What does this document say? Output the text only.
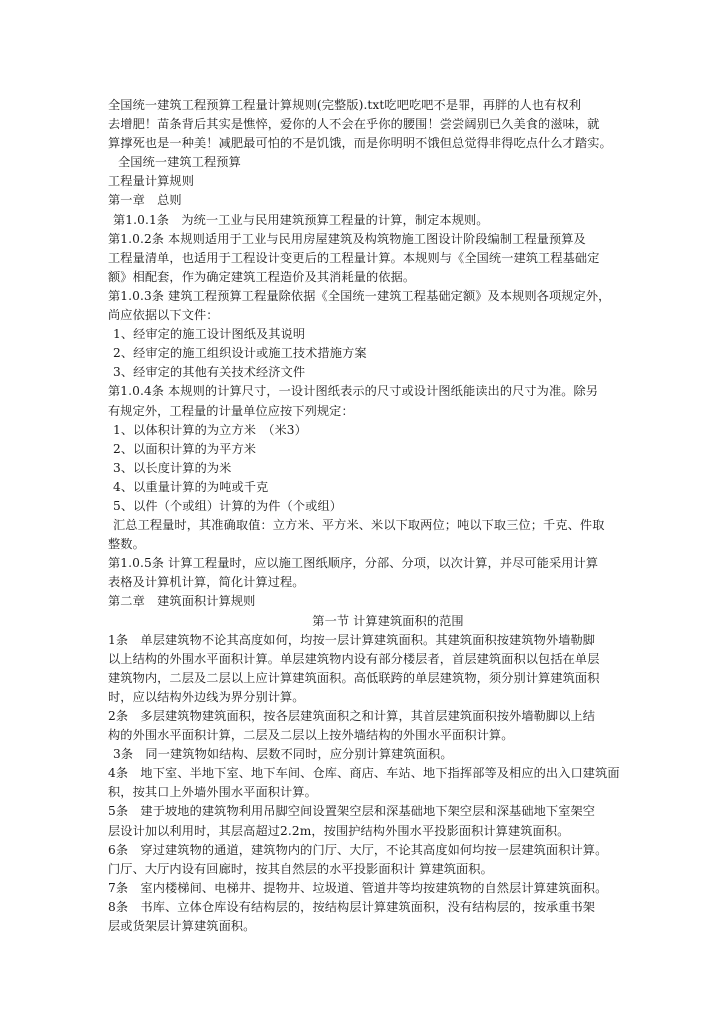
全国统一建筑工程预算工程量计算规则(完整版).txt吃吧吃吧不是罪，再胖的人也有权利
去增肥！苗条背后其实是憔悴，爱你的人不会在乎你的腰围！尝尝阔别已久美食的滋味，就
算撑死也是一种美！减肥最可怕的不是饥饿，而是你明明不饿但总觉得非得吃点什么才踏实。
全国统一建筑工程预算
工程量计算规则
第一章　总则
第1.0.1条　为统一工业与民用建筑预算工程量的计算，制定本规则。
第1.0.2条 本规则适用于工业与民用房屋建筑及构筑物施工图设计阶段编制工程量预算及
工程量清单，也适用于工程设计变更后的工程量计算。本规则与《全国统一建筑工程基础定
额》相配套，作为确定建筑工程造价及其消耗量的依据。
第1.0.3条 建筑工程预算工程量除依据《全国统一建筑工程基础定额》及本规则各项规定外，
尚应依据以下文件：
1、经审定的施工设计图纸及其说明
2、经审定的施工组织设计或施工技术措施方案
3、经审定的其他有关技术经济文件
第1.0.4条 本规则的计算尺寸，一设计图纸表示的尺寸或设计图纸能读出的尺寸为准。除另
有规定外，工程量的计量单位应按下列规定：
1、以体积计算的为立方米　（米3）
2、以面积计算的为平方米
3、以长度计算的为米
4、以重量计算的为吨或千克
5、以件（个或组）计算的为件（个或组）
汇总工程量时，其准确取值：立方米、平方米、米以下取两位；吨以下取三位；千克、件取
整数。
第1.0.5条 计算工程量时，应以施工图纸顺序，分部、分项，以次计算，并尽可能采用计算
表格及计算机计算，简化计算过程。
第二章　建筑面积计算规则
第一节 计算建筑面积的范围
1条　单层建筑物不论其高度如何，均按一层计算建筑面积。其建筑面积按建筑物外墙勒脚
以上结构的外围水平面积计算。单层建筑物内设有部分楼层者，首层建筑面积以包括在单层
建筑物内，二层及二层以上应计算建筑面积。高低联跨的单层建筑物，须分别计算建筑面积
时，应以结构外边线为界分别计算。
2条　多层建筑物建筑面积，按各层建筑面积之和计算，其首层建筑面积按外墙勒脚以上结
构的外围水平面积计算，二层及二层以上按外墙结构的外围水平面积计算。
3条　同一建筑物如结构、层数不同时，应分别计算建筑面积。
4条　地下室、半地下室、地下车间、仓库、商店、车站、地下指挥部等及相应的出入口建筑面
积，按其口上外墙外围水平面积计算。
5条　建于坡地的建筑物利用吊脚空间设置架空层和深基础地下架空层和深基础地下室架空
层设计加以利用时，其层高超过2.2m，按围护结构外围水平投影面积计算建筑面积。
6条　穿过建筑物的通道，建筑物内的门厅、大厅，不论其高度如何均按一层建筑面积计算。
门厅、大厅内设有回廊时，按其自然层的水平投影面积计 算建筑面积。
7条　室内楼梯间、电梯井、提物井、垃圾道、管道井等均按建筑物的自然层计算建筑面积。
8条　书库、立体仓库设有结构层的，按结构层计算建筑面积，没有结构层的，按承重书架
层或货架层计算建筑面积。
